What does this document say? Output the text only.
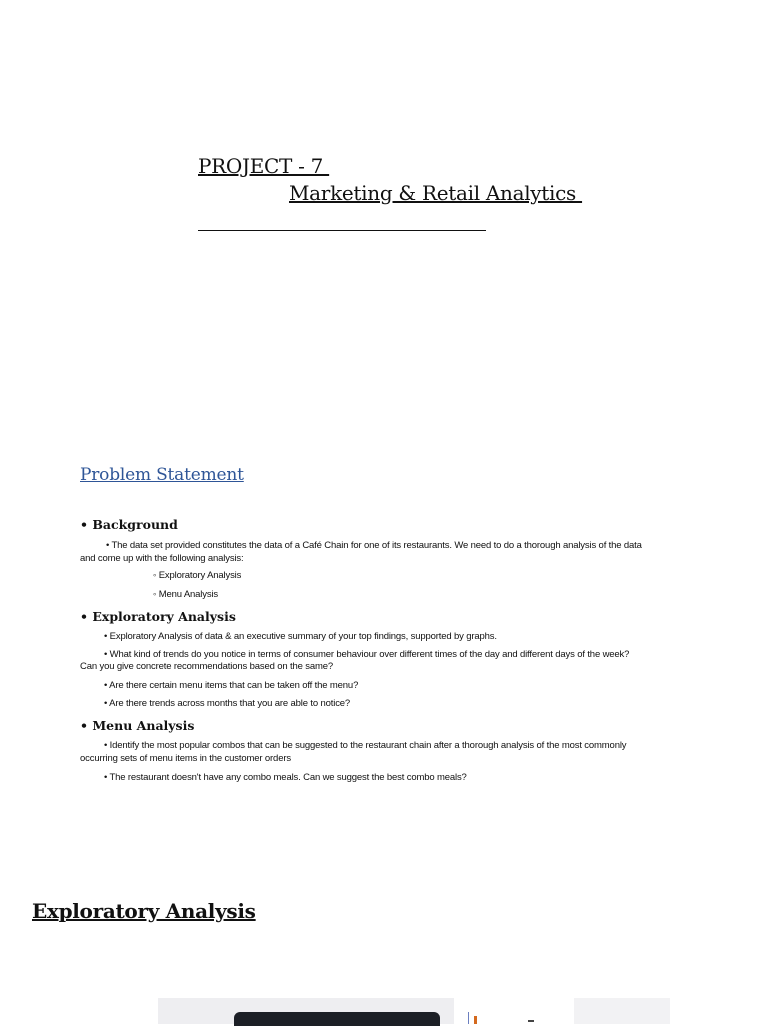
PROJECT - 7
Marketing & Retail Analytics
Problem Statement
• Background
• The data set provided constitutes the data of a Café Chain for one of its restaurants. We need to do a thorough analysis of the data
and come up with the following analysis:
◦ Exploratory Analysis
◦ Menu Analysis
• Exploratory Analysis
• Exploratory Analysis of data & an executive summary of your top findings, supported by graphs.
• What kind of trends do you notice in terms of consumer behaviour over different times of the day and different days of the week?
Can you give concrete recommendations based on the same?
• Are there certain menu items that can be taken off the menu?
• Are there trends across months that you are able to notice?
• Menu Analysis
• Identify the most popular combos that can be suggested to the restaurant chain after a thorough analysis of the most commonly
occurring sets of menu items in the customer orders
• The restaurant doesn't have any combo meals. Can we suggest the best combo meals?
Exploratory Analysis
